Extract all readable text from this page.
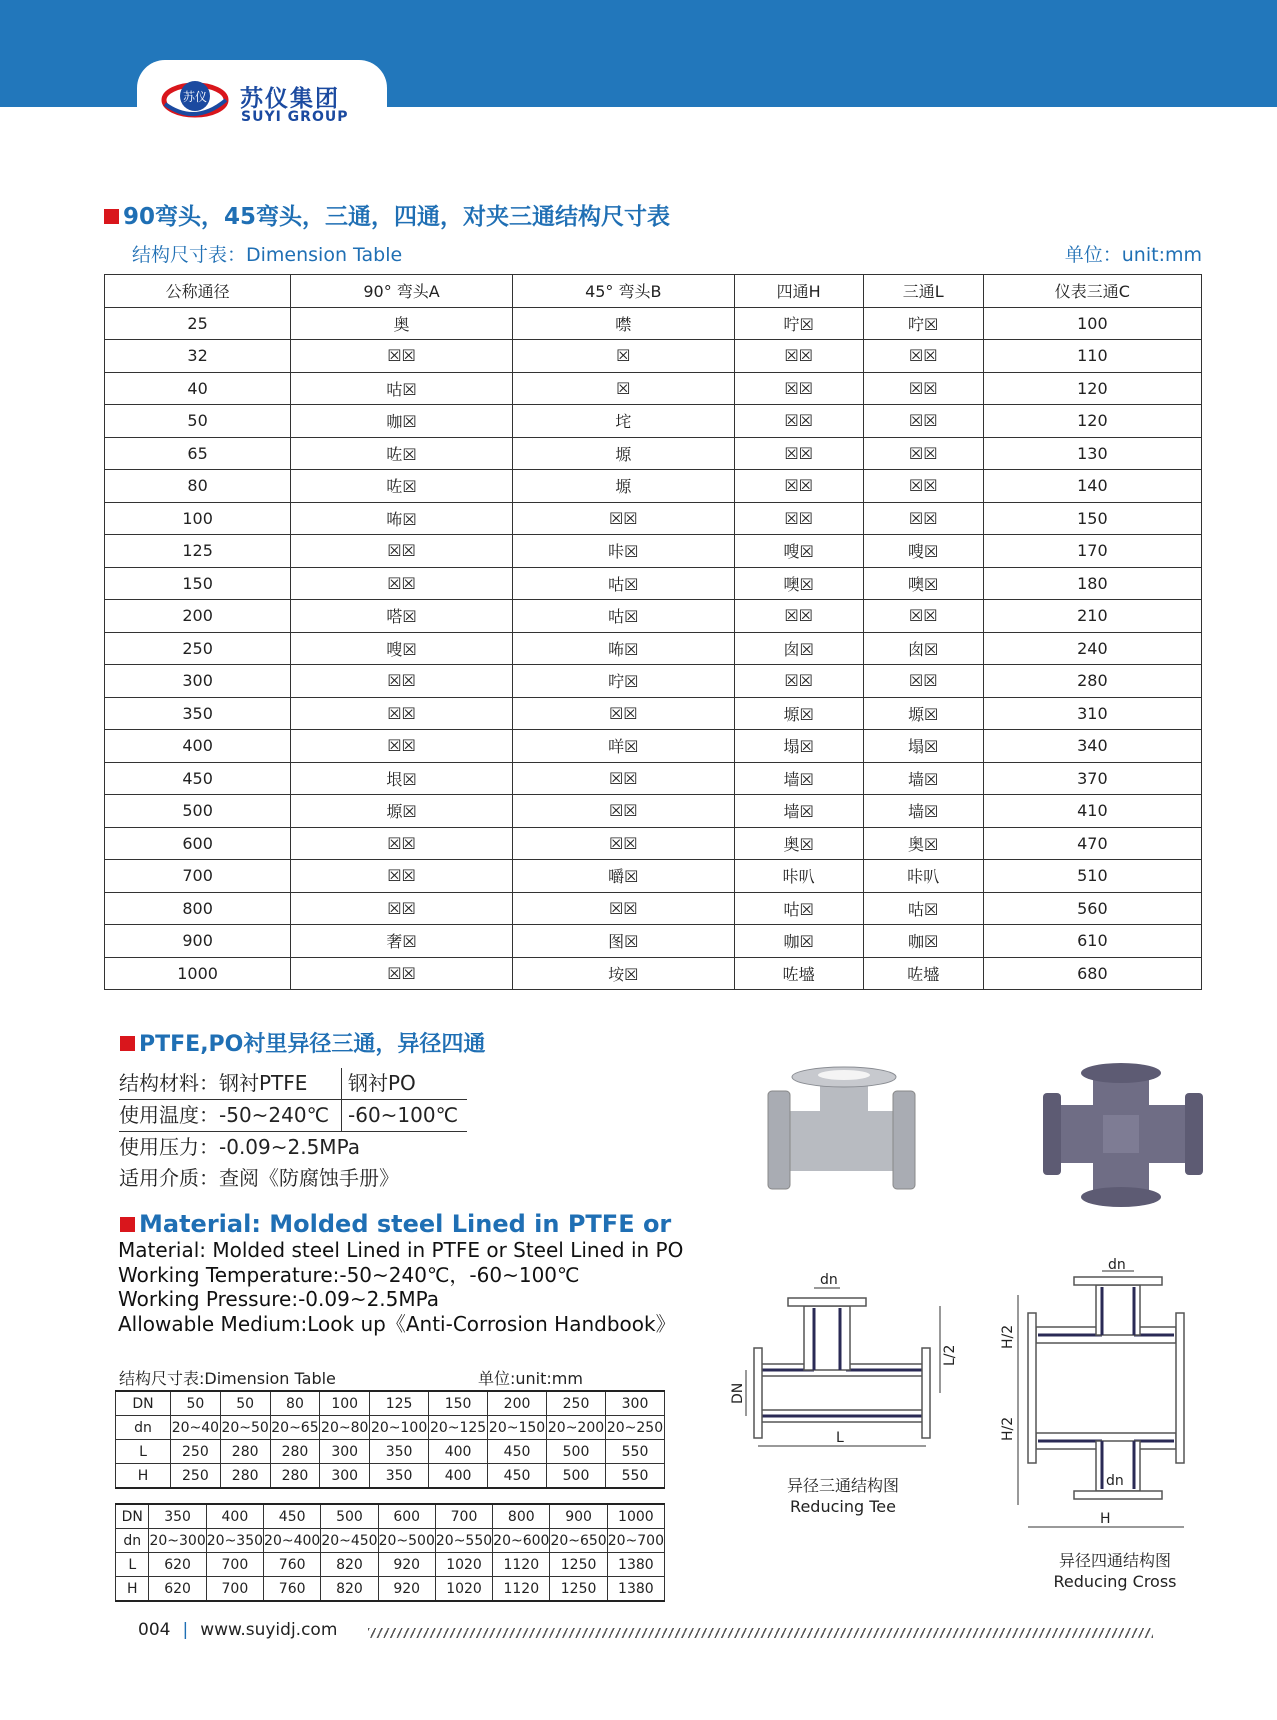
苏仪 苏仪集团
SUYI GROUP
90弯头，45弯头，三通，四通，对夹三通结构尺寸表
结构尺寸表：Dimension Table	单位：unit:mm
公称通径	90° 弯头A	45° 弯头B	四通H	三通L	仪表三通C
25	奥	噤	咛☒	咛☒	100
32	☒☒	☒	☒☒	☒☒	110
40	咕☒	☒	☒☒	☒☒	120
50	咖☒	垞	☒☒	☒☒	120
65	咗☒	塬	☒☒	☒☒	130
80	咗☒	塬	☒☒	☒☒	140
100	咘☒	☒☒	☒☒	☒☒	150
125	☒☒	咔☒	嗖☒	嗖☒	170
150	☒☒	咕☒	噢☒	噢☒	180
200	嗒☒	咕☒	☒☒	☒☒	210
250	嗖☒	咘☒	囱☒	囱☒	240
300	☒☒	咛☒	☒☒	☒☒	280
350	☒☒	☒☒	塬☒	塬☒	310
400	☒☒	咩☒	塌☒	塌☒	340
450	垠☒	☒☒	墙☒	墙☒	370
500	塬☒	☒☒	墙☒	墙☒	410
600	☒☒	☒☒	奥☒	奥☒	470
700	☒☒	嚼☒	咔叭	咔叭	510
800	☒☒	☒☒	咕☒	咕☒	560
900	奢☒	图☒	咖☒	咖☒	610
1000	☒☒	垵☒	咗墭	咗墭	680
PTFE,PO衬里异径三通，异径四通
结构材料：钢衬PTFE	钢衬PO
使用温度：-50~240℃ -60~100℃
使用压力：-0.09~2.5MPa
适用介质：查阅《防腐蚀手册》
Material: Molded steel Lined in PTFE or
Material: Molded steel Lined in PTFE or Steel Lined in PO
Working Temperature:-50~240℃，-60~100℃
Working Pressure:-0.09~2.5MPa
Allowable Medium:Look up《Anti-Corrosion Handbook》
结构尺寸表:Dimension Table	单位:unit:mm
DN	50	50	80	100	125	150	200	250	300
dn	20~40	20~50	20~65	20~80	20~100	20~125	20~150	20~200	20~250
L	250	280	280	300	350	400	450	500	550
H	250	280	280	300	350	400	450	500	550
DN	350	400	450	500	600	700	800	900	1000
dn	20~300	20~350	20~400	20~450	20~500	20~550	20~600	20~650	20~700
L	620	700	760	820	920	1020	1120	1250	1380
H	620	700	760	820	920	1020	1120	1250	1380
dn
DN
L/2
L
异径三通结构图
Reducing Tee
dn
dn
H/2
H/2
H
异径四通结构图
Reducing Cross
004 | www.suyidj.com
